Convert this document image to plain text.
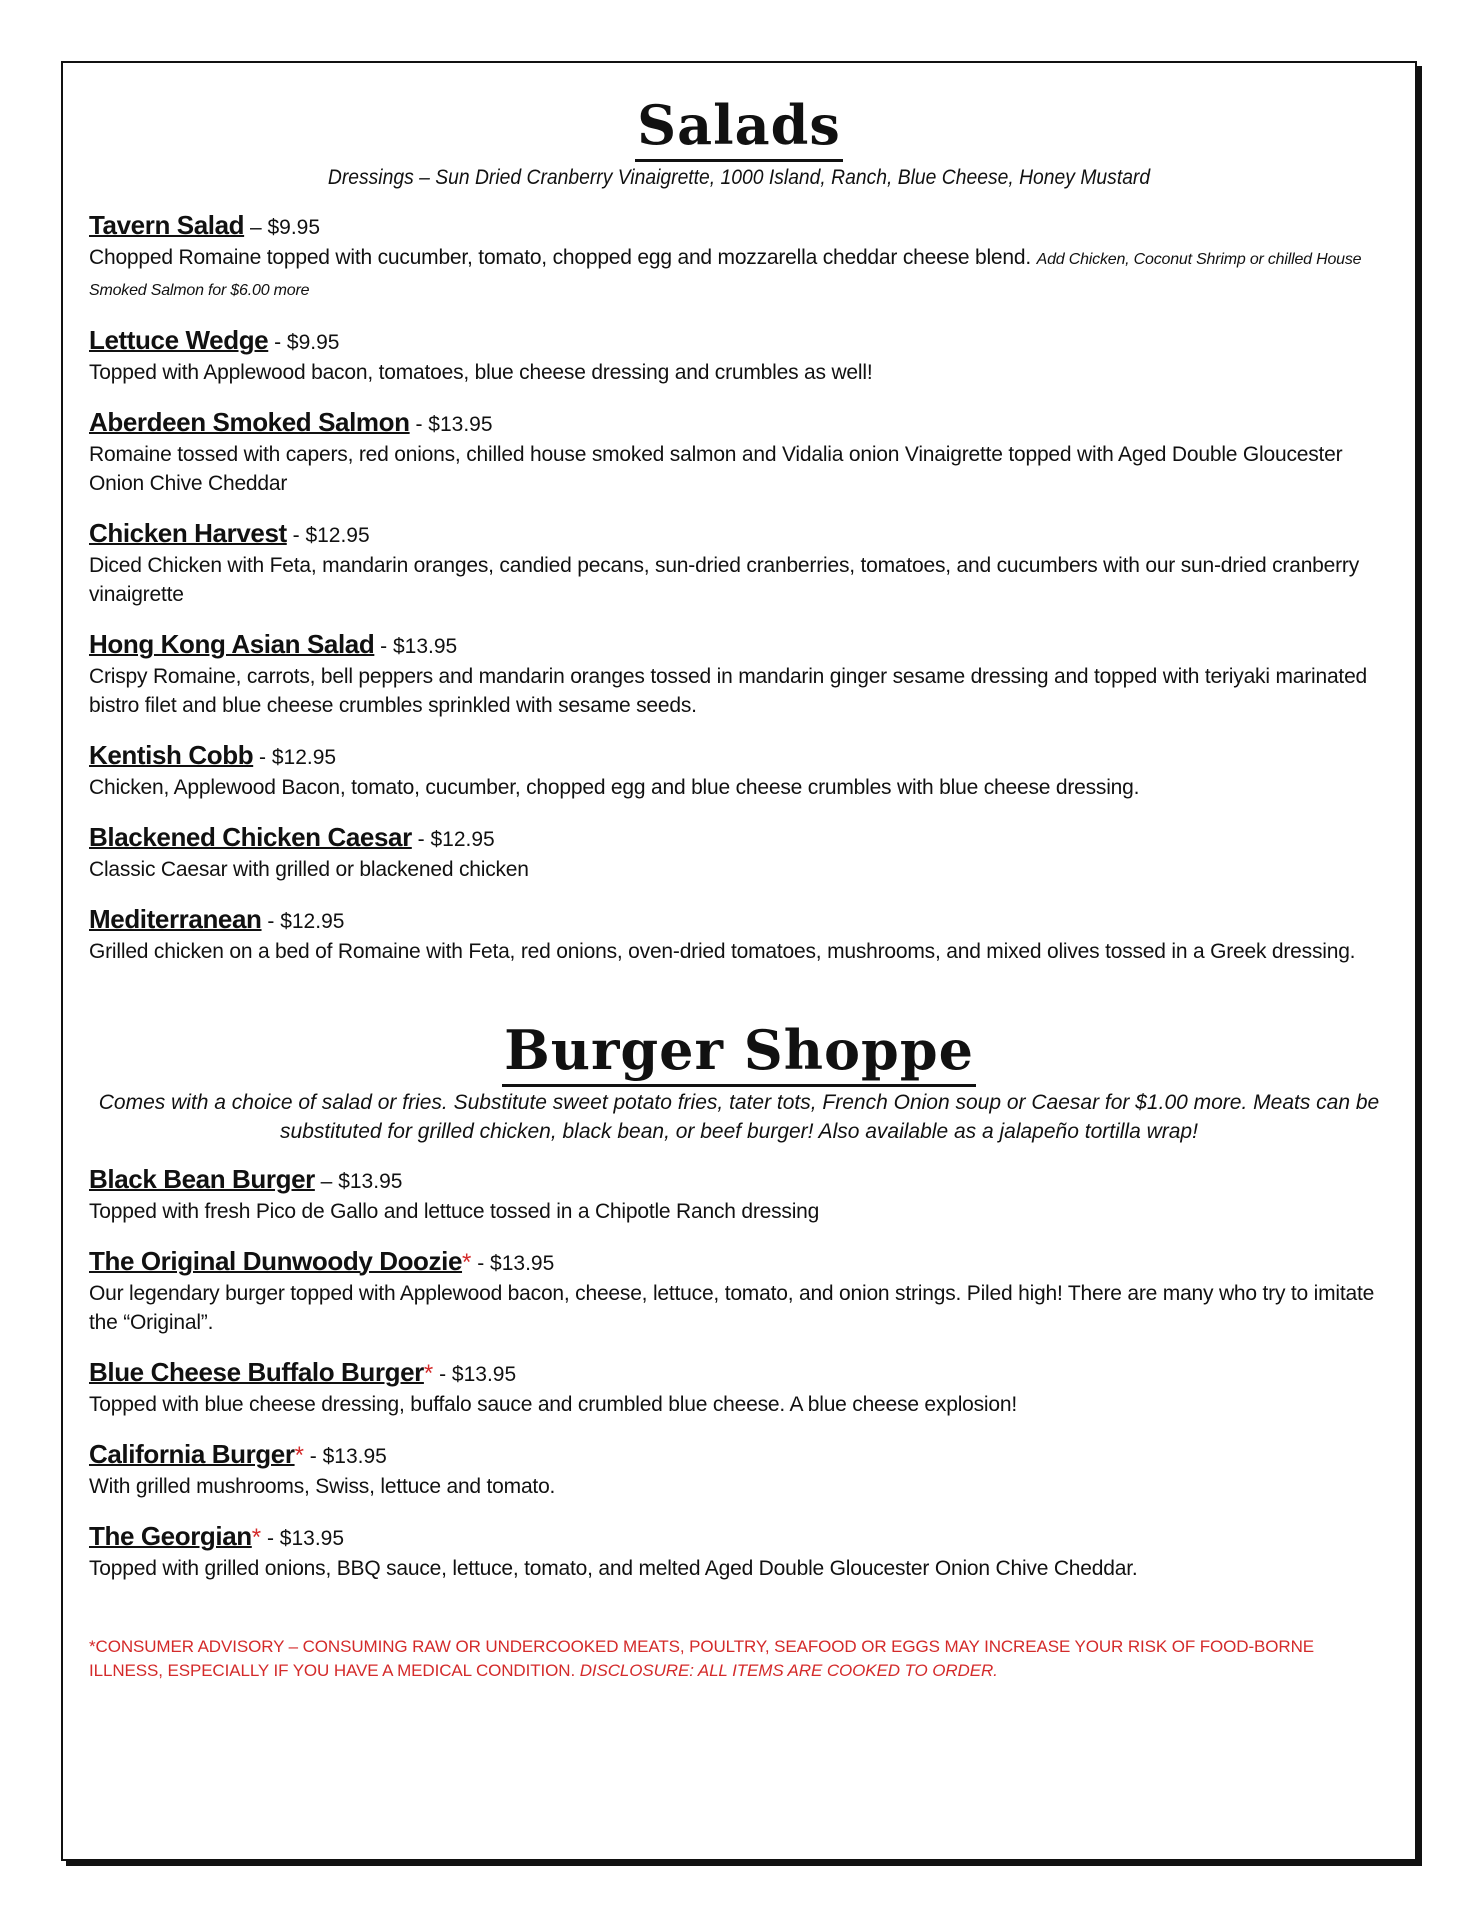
Salads

Dressings – Sun Dried Cranberry Vinaigrette, 1000 Island, Ranch, Blue Cheese, Honey Mustard

Tavern Salad – $9.95
Chopped Romaine topped with cucumber, tomato, chopped egg and mozzarella cheddar cheese blend. Add Chicken, Coconut Shrimp or chilled House Smoked Salmon for $6.00 more
Lettuce Wedge - $9.95
Topped with Applewood bacon, tomatoes, blue cheese dressing and crumbles as well!
Aberdeen Smoked Salmon - $13.95
Romaine tossed with capers, red onions, chilled house smoked salmon and Vidalia onion Vinaigrette topped with Aged Double Gloucester Onion Chive Cheddar
Chicken Harvest - $12.95
Diced Chicken with Feta, mandarin oranges, candied pecans, sun-dried cranberries, tomatoes, and cucumbers with our sun-dried cranberry vinaigrette
Hong Kong Asian Salad - $13.95
Crispy Romaine, carrots, bell peppers and mandarin oranges tossed in mandarin ginger sesame dressing and topped with teriyaki marinated bistro filet and blue cheese crumbles sprinkled with sesame seeds.
Kentish Cobb - $12.95
Chicken, Applewood Bacon, tomato, cucumber, chopped egg and blue cheese crumbles with blue cheese dressing.
Blackened Chicken Caesar - $12.95
Classic Caesar with grilled or blackened chicken
Mediterranean - $12.95
Grilled chicken on a bed of Romaine with Feta, red onions, oven-dried tomatoes, mushrooms, and mixed olives tossed in a Greek dressing.
Burger Shoppe

Comes with a choice of salad or fries. Substitute sweet potato fries, tater tots, French Onion soup or Caesar for $1.00 more. Meats can be substituted for grilled chicken, black bean, or beef burger! Also available as a jalapeño tortilla wrap!

Black Bean Burger – $13.95
Topped with fresh Pico de Gallo and lettuce tossed in a Chipotle Ranch dressing
The Original Dunwoody Doozie* - $13.95
Our legendary burger topped with Applewood bacon, cheese, lettuce, tomato, and onion strings. Piled high! There are many who try to imitate the “Original”.
Blue Cheese Buffalo Burger* - $13.95
Topped with blue cheese dressing, buffalo sauce and crumbled blue cheese. A blue cheese explosion!
California Burger* - $13.95
With grilled mushrooms, Swiss, lettuce and tomato.
The Georgian* - $13.95
Topped with grilled onions, BBQ sauce, lettuce, tomato, and melted Aged Double Gloucester Onion Chive Cheddar.
*CONSUMER ADVISORY – CONSUMING RAW OR UNDERCOOKED MEATS, POULTRY, SEAFOOD OR EGGS MAY INCREASE YOUR RISK OF FOOD-BORNE ILLNESS, ESPECIALLY IF YOU HAVE A MEDICAL CONDITION. DISCLOSURE: ALL ITEMS ARE COOKED TO ORDER.
